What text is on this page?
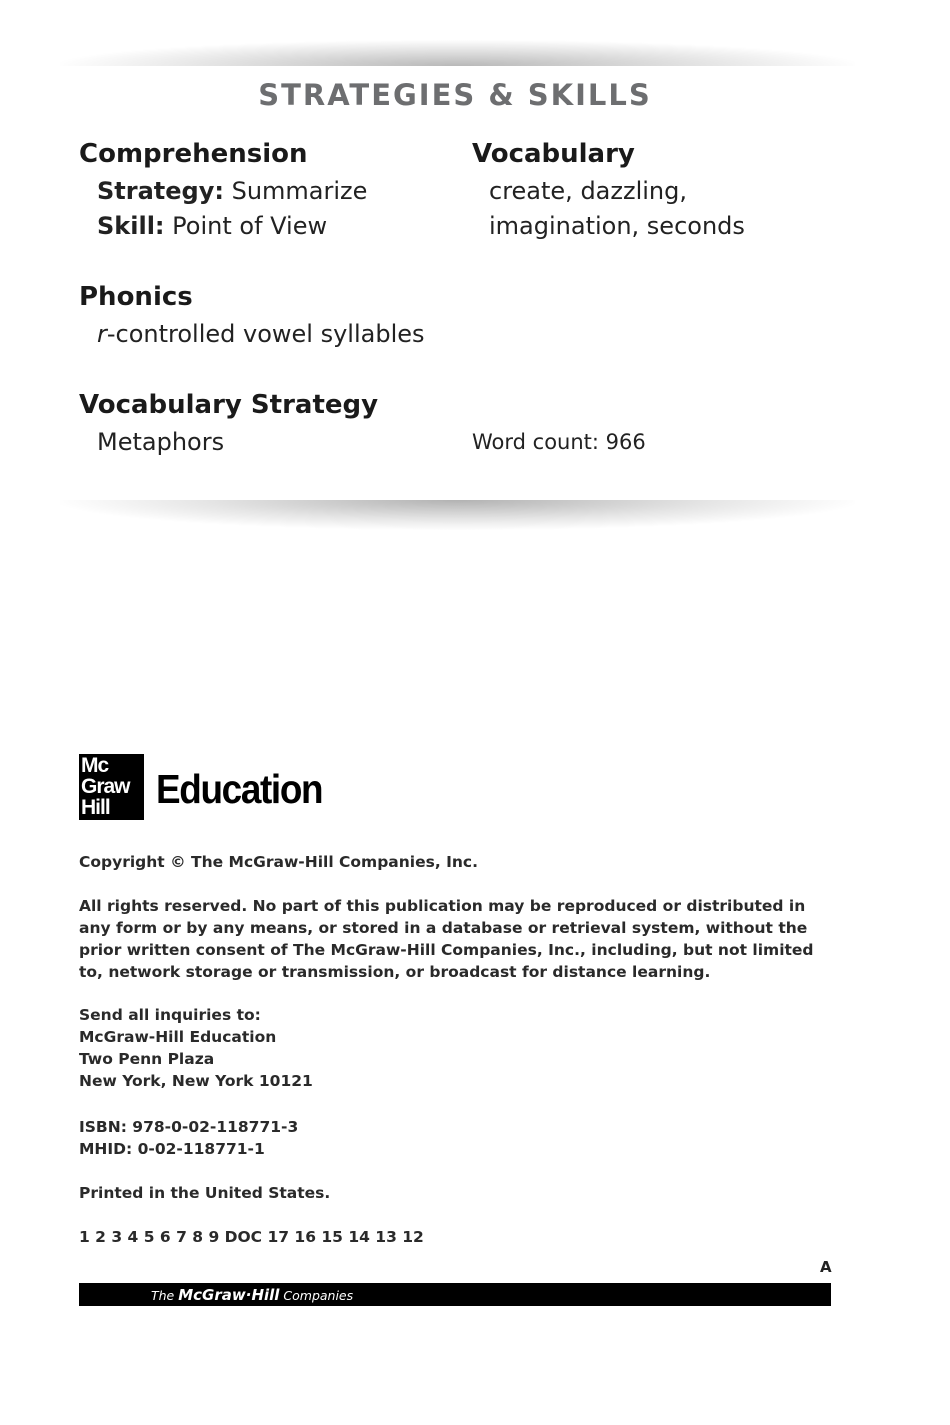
STRATEGIES & SKILLS
Comprehension
Strategy: Summarize
Skill: Point of View
Vocabulary
create, dazzling,
imagination, seconds
Phonics
r-controlled vowel syllables
Vocabulary Strategy
Metaphors	Word count: 966
Mc
Graw
Hill	Education
Copyright © The McGraw-Hill Companies, Inc.
All rights reserved. No part of this publication may be reproduced or distributed in any form or by any means, or stored in a database or retrieval system, without the prior written consent of The McGraw-Hill Companies, Inc., including, but not limited to, network storage or transmission, or broadcast for distance learning.
Send all inquiries to:
McGraw-Hill Education
Two Penn Plaza
New York, New York 10121
ISBN: 978-0-02-118771-3
MHID: 0-02-118771-1
Printed in the United States.
1 2 3 4 5 6 7 8 9 DOC 17 16 15 14 13 12
A
The McGraw·Hill Companies
